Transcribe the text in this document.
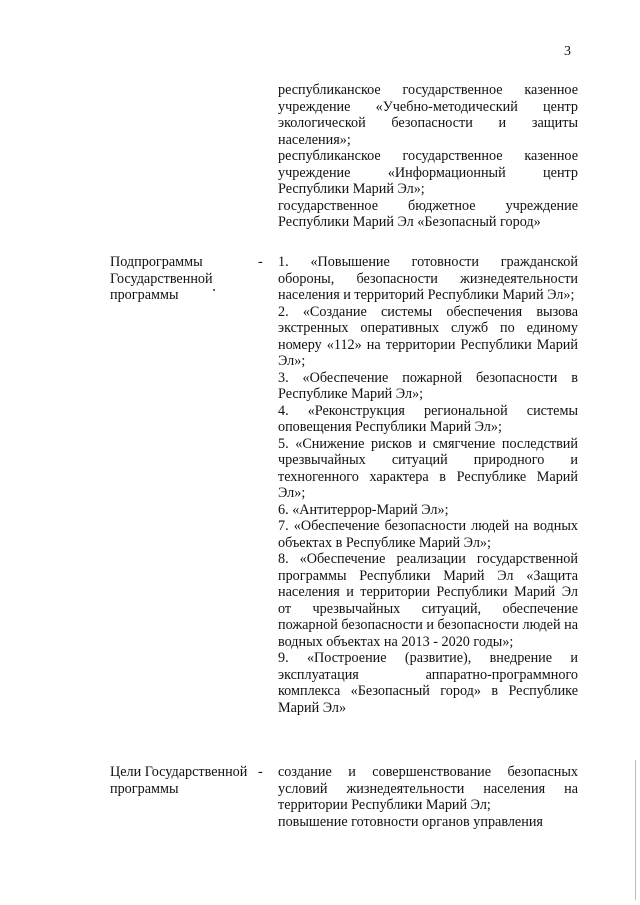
3

республиканское государственное казенное учреждение «Учебно-методический центр экологической безопасности и защиты населения»;

республиканское государственное казенное учреждение «Информационный центр Республики Марий Эл»;

государственное бюджетное учреждение Республики Марий Эл «Безопасный город»

Подпрограммы Государственной программы
- 1. «Повышение готовности гражданской обороны, безопасности жизнедеятельности населения и территорий Республики Марий Эл»;

2. «Создание системы обеспечения вызова экстренных оперативных служб по единому номеру «112» на территории Республики Марий Эл»;

3. «Обеспечение пожарной безопасности в Республике Марий Эл»;

4. «Реконструкция региональной системы оповещения Республики Марий Эл»;

5. «Снижение рисков и смягчение последствий чрезвычайных ситуаций природного и техногенного характера в Республике Марий Эл»;

6. «Антитеррор-Марий Эл»;

7. «Обеспечение безопасности людей на водных объектах в Республике Марий Эл»;

8. «Обеспечение реализации государственной программы Республики Марий Эл «Защита населения и территории Республики Марий Эл от чрезвычайных ситуаций, обеспечение пожарной безопасности и безопасности людей на водных объектах на 2013 - 2020 годы»;

9. «Построение (развитие), внедрение и эксплуатация аппаратно-программного комплекса «Безопасный город» в Республике Марий Эл»

Цели Государственной программы
- создание и совершенствование безопасных условий жизнедеятельности населения на территории Республики Марий Эл;

повышение готовности органов управления
